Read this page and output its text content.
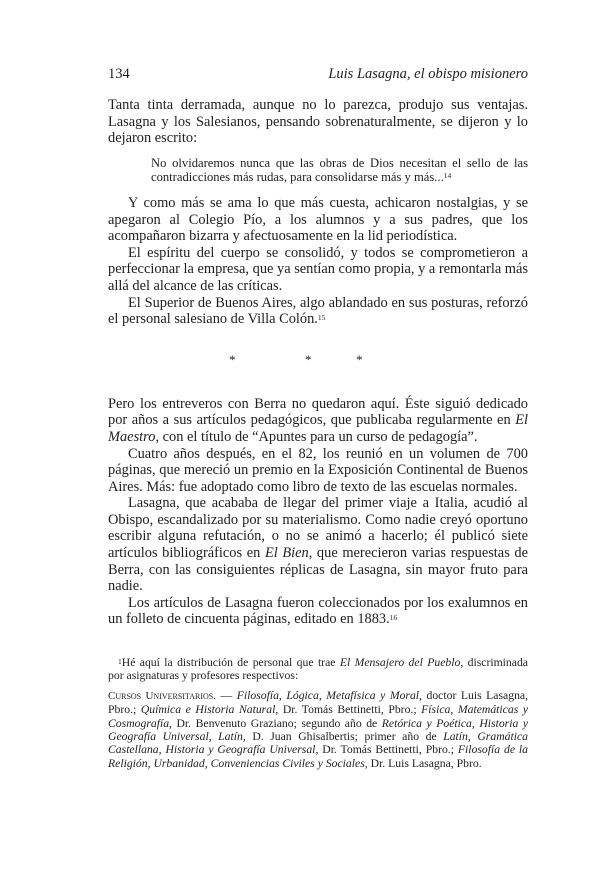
134	Luis Lasagna, el obispo misionero

Tanta tinta derramada, aunque no lo parezca, produjo sus ventajas. Lasagna y los Salesianos, pensando sobrenaturalmente, se dijeron y lo dejaron escrito:

No olvidaremos nunca que las obras de Dios necesitan el sello de las contradicciones más rudas, para consolidarse más y más...$^{14}$

Y como más se ama lo que más cuesta, achicaron nostalgias, y se apegaron al Colegio Pío, a los alumnos y a sus padres, que los acompañaron bizarra y afectuosamente en la lid periodística.

El espíritu del cuerpo se consolidó, y todos se comprometieron a perfeccionar la empresa, que ya sentían como propia, y a remontarla más allá del alcance de las críticas.

El Superior de Buenos Aires, algo ablandado en sus posturas, reforzó el personal salesiano de Villa Colón.$^{15}$

*	*	*

Pero los entreveros con Berra no quedaron aquí. Éste siguió dedicado por años a sus artículos pedagógicos, que publicaba regularmente en El Maestro, con el título de “Apuntes para un curso de pedagogía”.

Cuatro años después, en el 82, los reunió en un volumen de 700 páginas, que mereció un premio en la Exposición Continental de Buenos Aires. Más: fue adoptado como libro de texto de las escuelas normales.

Lasagna, que acababa de llegar del primer viaje a Italia, acudió al Obispo, escandalizado por su materialismo. Como nadie creyó oportuno escribir alguna refutación, o no se animó a hacerlo; él publicó siete artículos bibliográficos en El Bien, que merecieron varias respuestas de Berra, con las consiguientes réplicas de Lasagna, sin mayor fruto para nadie.

Los artículos de Lasagna fueron coleccionados por los exalumnos en un folleto de cincuenta páginas, editado en 1883.16

$^1$Hé aquí la distribución de personal que trae El Mensajero del Pueblo, discriminada por asignaturas y profesores respectivos:
Cursos Universitarios. — Filosofía, Lógica, Metafísica y Moral, doctor Luis Lasagna, Pbro.; Química e Historia Natural, Dr. Tomás Bettinetti, Pbro.; Física, Matemáticas y Cosmografía, Dr. Benvenuto Graziano; segundo año de Retórica y Poética, Historia y Geografía Universal, Latín, D. Juan Ghisalbertis; primer año de Latín, Gramática Castellana, Historia y Geografía Universal, Dr. Tomás Bettinetti, Pbro.; Filosofía de la Religión, Urbanidad, Conveniencias Civiles y Sociales, Dr. Luis Lasagna, Pbro.
